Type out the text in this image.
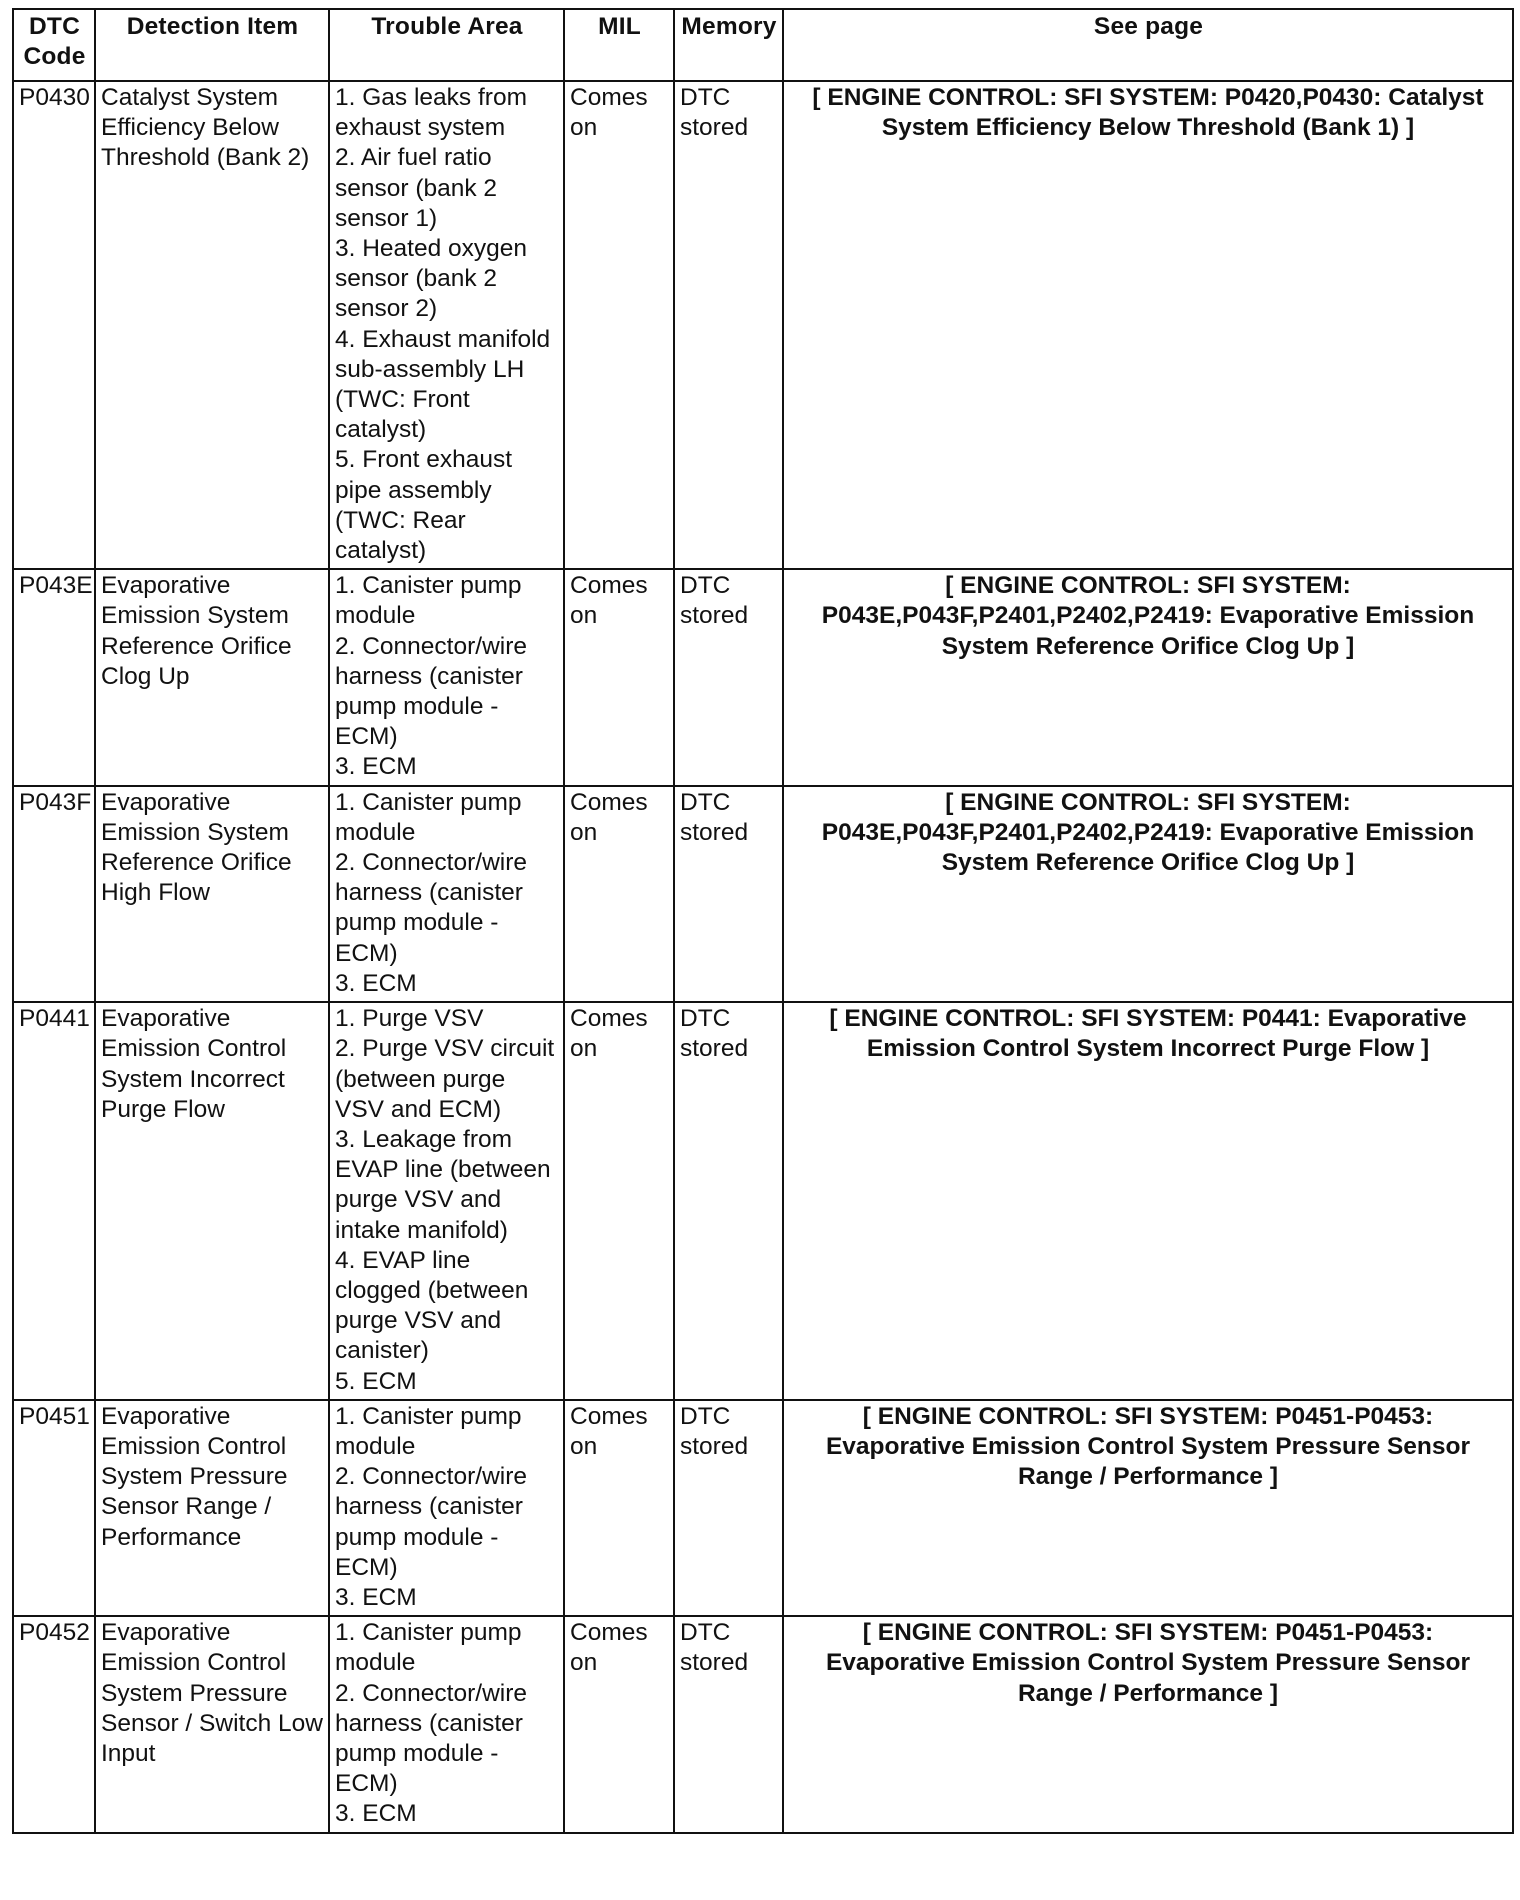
DTC Code	Detection Item	Trouble Area	MIL	Memory	See page
P0430	Catalyst System Efficiency Below Threshold (Bank 2)	1. Gas leaks from exhaust system
2. Air fuel ratio sensor (bank 2 sensor 1)
3. Heated oxygen sensor (bank 2 sensor 2)
4. Exhaust manifold sub-assembly LH (TWC: Front catalyst)
5. Front exhaust pipe assembly (TWC: Rear catalyst)	Comes on	DTC stored	[ ENGINE CONTROL: SFI SYSTEM: P0420,P0430: Catalyst System Efficiency Below Threshold (Bank 1) ]
P043E	Evaporative Emission System Reference Orifice Clog Up	1. Canister pump module
2. Connector/wire harness (canister pump module - ECM)
3. ECM	Comes on	DTC stored	[ ENGINE CONTROL: SFI SYSTEM: P043E,P043F,P2401,P2402,P2419: Evaporative Emission System Reference Orifice Clog Up ]
P043F	Evaporative Emission System Reference Orifice High Flow	1. Canister pump module
2. Connector/wire harness (canister pump module - ECM)
3. ECM	Comes on	DTC stored	[ ENGINE CONTROL: SFI SYSTEM: P043E,P043F,P2401,P2402,P2419: Evaporative Emission System Reference Orifice Clog Up ]
P0441	Evaporative Emission Control System Incorrect Purge Flow	1. Purge VSV
2. Purge VSV circuit (between purge VSV and ECM)
3. Leakage from EVAP line (between purge VSV and intake manifold)
4. EVAP line clogged (between purge VSV and canister)
5. ECM	Comes on	DTC stored	[ ENGINE CONTROL: SFI SYSTEM: P0441: Evaporative Emission Control System Incorrect Purge Flow ]
P0451	Evaporative Emission Control System Pressure Sensor Range / Performance	1. Canister pump module
2. Connector/wire harness (canister pump module - ECM)
3. ECM	Comes on	DTC stored	[ ENGINE CONTROL: SFI SYSTEM: P0451-P0453: Evaporative Emission Control System Pressure Sensor Range / Performance ]
P0452	Evaporative Emission Control System Pressure Sensor / Switch Low Input	1. Canister pump module
2. Connector/wire harness (canister pump module - ECM)
3. ECM	Comes on	DTC stored	[ ENGINE CONTROL: SFI SYSTEM: P0451-P0453: Evaporative Emission Control System Pressure Sensor Range / Performance ]
